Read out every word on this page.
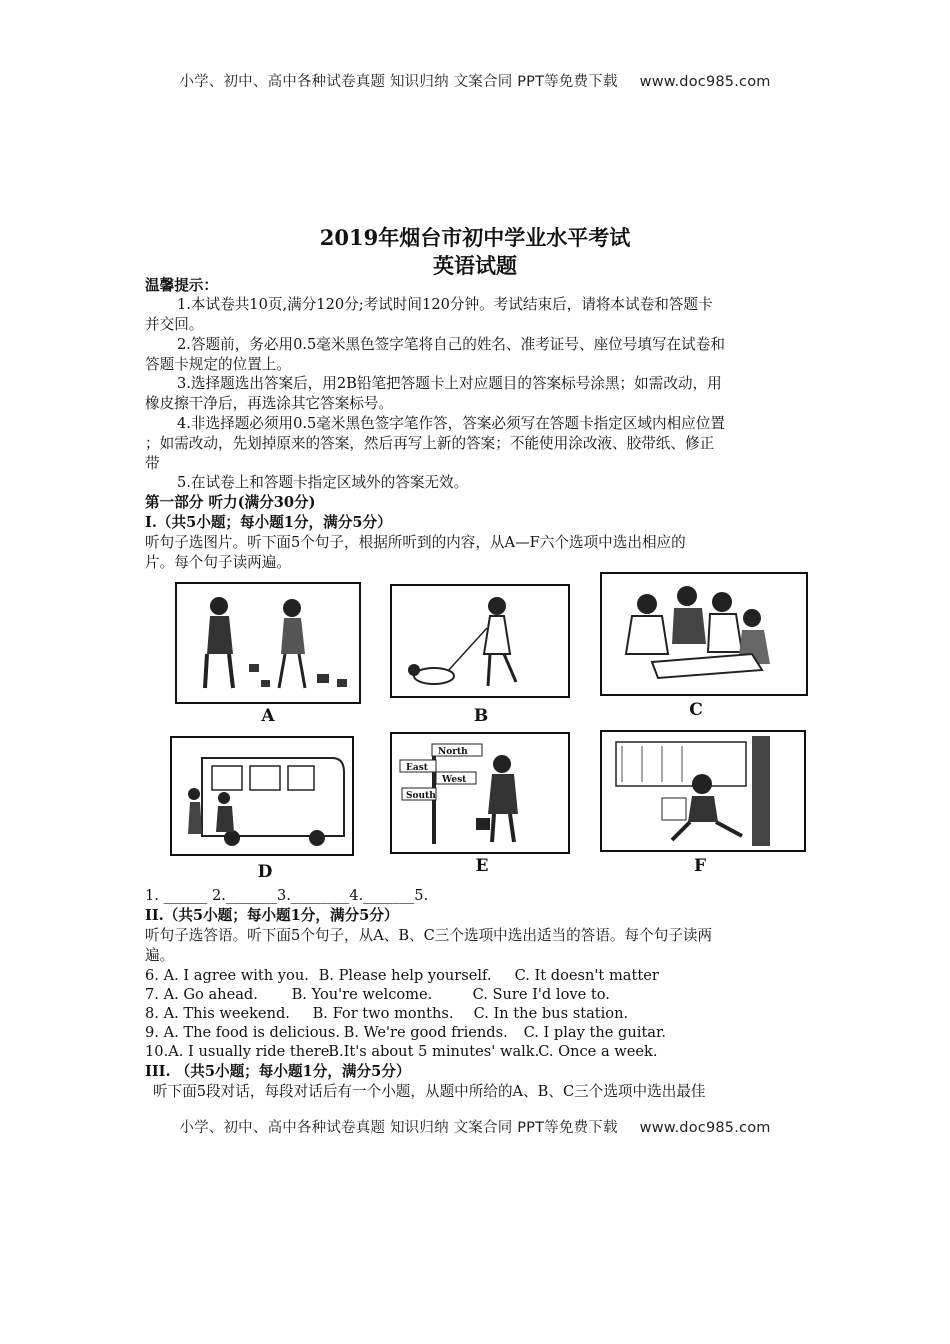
小学、初中、高中各种试卷真题 知识归纳 文案合同 PPT等免费下载 www.doc985.com
2019年烟台市初中学业水平考试
英语试题
温馨提示：
1.本试卷共10页,满分120分;考试时间120分钟。考试结束后，请将本试卷和答题卡
并交回。
2.答题前，务必用0.5毫米黑色签字笔将自己的姓名、准考证号、座位号填写在试卷和
答题卡规定的位置上。
3.选择题选出答案后，用2B铅笔把答题卡上对应题目的答案标号涂黑；如需改动，用
橡皮擦干净后，再选涂其它答案标号。
4.非选择题必须用0.5毫米黑色签字笔作答，答案必须写在答题卡指定区域内相应位置
；如需改动，先划掉原来的答案，然后再写上新的答案；不能使用涂改液、胶带纸、修正
带
5.在试卷上和答题卡指定区域外的答案无效。
第一部分 听力(满分30分)
I.（共5小题；每小题1分，满分5分）
听句子选图片。听下面5个句子，根据所听到的内容，从A—F六个选项中选出相应的
片。每个句子读两遍。
A	B	C
D
North
East
West
South
E	F
1. ______ 2._______3.________4._______5.
II.（共5小题；每小题1分，满分5分）
听句子选答语。听下面5个句子，从A、B、C三个选项中选出适当的答语。每个句子读两
遍。
6. A. I agree with you. B. Please help yourself. C. It doesn't matter
7. A. Go ahead. B. You're welcome.	C. Sure I'd love to.
8. A. This weekend. B. For two months. C. In the bus station.
9. A. The food is delicious. B. We're good friends. C. I play the guitar.
10.A. I usually ride there.B.It's about 5 minutes' walk.C. Once a week.
III. （共5小题；每小题1分，满分5分）
听下面5段对话，每段对话后有一个小题，从题中所给的A、B、C三个选项中选出最佳
小学、初中、高中各种试卷真题 知识归纳 文案合同 PPT等免费下载 www.doc985.com
